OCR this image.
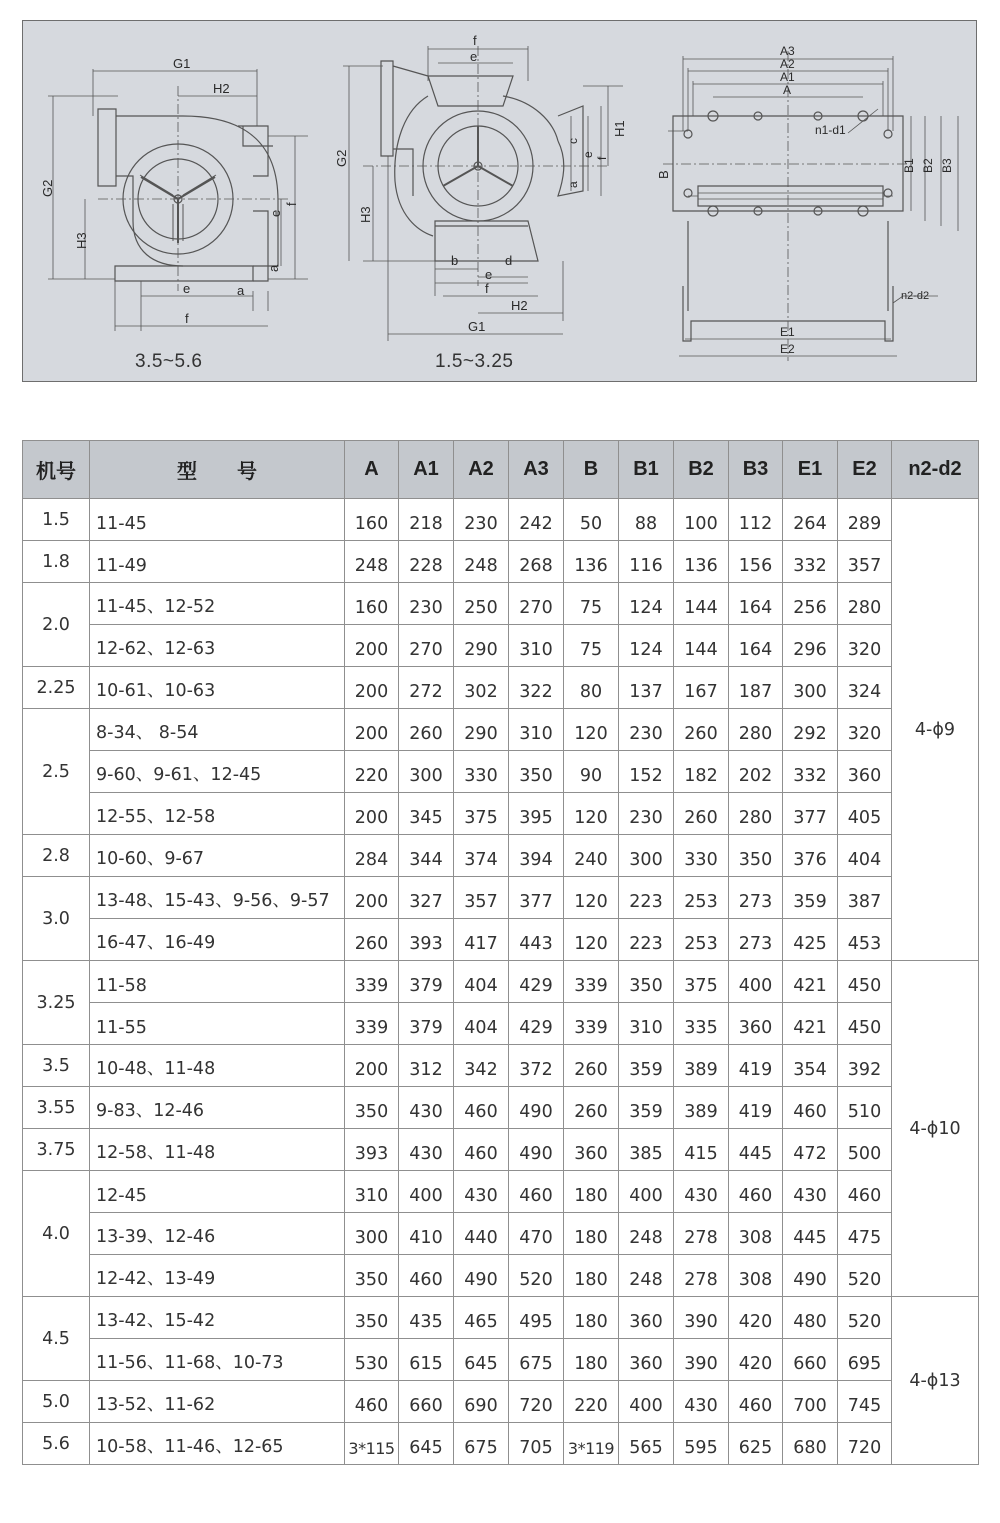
G1
H2
G2
H3
e	a
f
e
f
a
f
e
G2
H3
H1
c
e
f
a
b
e
d
f
H2
G1
A3
A2
A1
A
n1-d1
B
B1 B2 B3
n2-d2
E1
E2
3.5~5.6	1.5~3.25
机号	型　　号	A	A1	A2	A3	B	B1	B2	B3	E1	E2	n2-d2
1.5	11-45	160	218	230	242	50	88	100	112	264	289	4-ϕ9
1.8	11-49	248	228	248	268	136	116	136	156	332	357	
2.0	11-45、12-52	160	230	250	270	75	124	144	164	256	280	
	12-62、12-63	200	270	290	310	75	124	144	164	296	320	
2.25	10-61、10-63	200	272	302	322	80	137	167	187	300	324	
2.5	8-34、 8-54	200	260	290	310	120	230	260	280	292	320	
	9-60、9-61、12-45	220	300	330	350	90	152	182	202	332	360	
	12-55、12-58	200	345	375	395	120	230	260	280	377	405	
2.8	10-60、9-67	284	344	374	394	240	300	330	350	376	404	
3.0	13-48、15-43、9-56、9-57	200	327	357	377	120	223	253	273	359	387	
	16-47、16-49	260	393	417	443	120	223	253	273	425	453	
3.25	11-58	339	379	404	429	339	350	375	400	421	450	4-ϕ10
	11-55	339	379	404	429	339	310	335	360	421	450	
3.5	10-48、11-48	200	312	342	372	260	359	389	419	354	392	
3.55	9-83、12-46	350	430	460	490	260	359	389	419	460	510	
3.75	12-58、11-48	393	430	460	490	360	385	415	445	472	500	
4.0	12-45	310	400	430	460	180	400	430	460	430	460	
	13-39、12-46	300	410	440	470	180	248	278	308	445	475	
	12-42、13-49	350	460	490	520	180	248	278	308	490	520	
4.5	13-42、15-42	350	435	465	495	180	360	390	420	480	520	4-ϕ13
	11-56、11-68、10-73	530	615	645	675	180	360	390	420	660	695	
5.0	13-52、11-62	460	660	690	720	220	400	430	460	700	745	
5.6	10-58、11-46、12-65	3*115	645	675	705	3*119	565	595	625	680	720	
